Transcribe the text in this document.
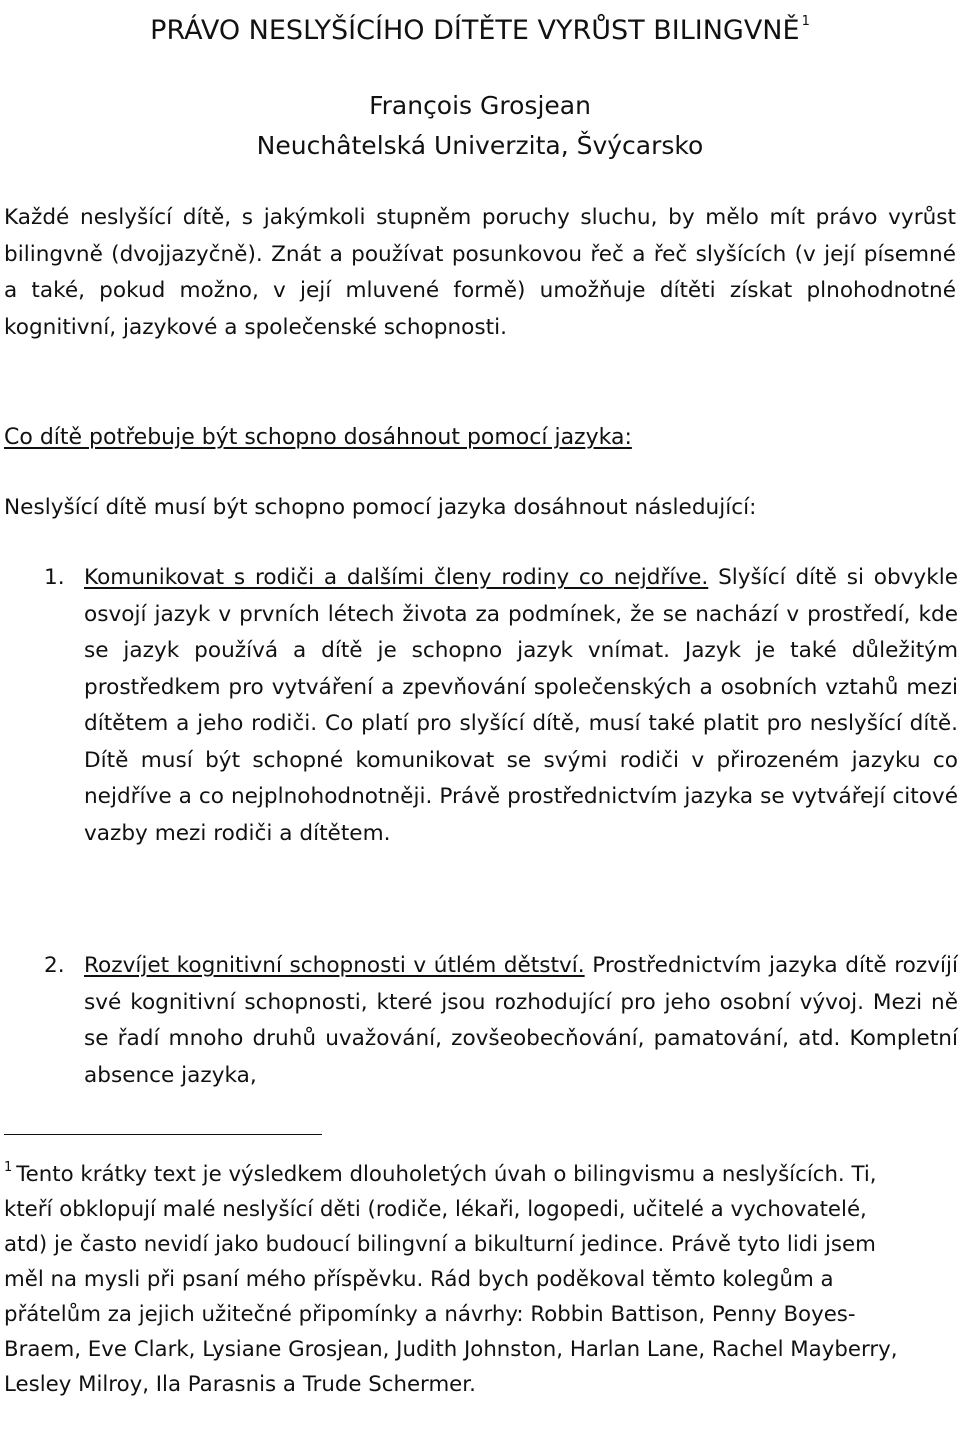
PRÁVO NESLYŠÍCÍHO DÍTĚTE VYRŮST BILINGVNĚ $^1$
François Grosjean
Neuchâtelská Univerzita, Švýcarsko

Každé neslyšící dítě, s jakýmkoli stupněm poruchy sluchu, by mělo mít právo vyrůst bilingvně (dvojjazyčně). Znát a používat posunkovou řeč a řeč slyšících (v její písemné a také, pokud možno, v její mluvené formě) umožňuje dítěti získat plnohodnotné kognitivní, jazykové a společenské schopnosti.

Co dítě potřebuje být schopno dosáhnout pomocí jazyka:

Neslyšící dítě musí být schopno pomocí jazyka dosáhnout následující:

1. Komunikovat s rodiči a dalšími členy rodiny co nejdříve. Slyšící dítě si obvykle osvojí jazyk v prvních létech života za podmínek, že se nachází v prostředí, kde se jazyk používá a dítě je schopno jazyk vnímat. Jazyk je také důležitým prostředkem pro vytváření a zpevňování společenských a osobních vztahů mezi dítětem a jeho rodiči. Co platí pro slyšící dítě, musí také platit pro neslyšící dítě. Dítě musí být schopné komunikovat se svými rodiči v přirozeném jazyku co nejdříve a co nejplnohodnotněji. Právě prostřednictvím jazyka se vytvářejí citové vazby mezi rodiči a dítětem.
2. Rozvíjet kognitivní schopnosti v útlém dětství. Prostřednictvím jazyka dítě rozvíjí své kognitivní schopnosti, které jsou rozhodující pro jeho osobní vývoj. Mezi ně se řadí mnoho druhů uvažování, zovšeobecňování, pamatování, atd. Kompletní absence jazyka,

$^1$ Tento krátky text je výsledkem dlouholetých úvah o bilingvismu a neslyšících. Ti, kteří obklopují malé neslyšící děti (rodiče, lékaři, logopedi, učitelé a vychovatelé, atd) je často nevidí jako budoucí bilingvní a bikulturní jedince. Právě tyto lidi jsem měl na mysli při psaní mého příspěvku. Rád bych poděkoval těmto kolegům a přátelům za jejich užitečné připomínky a návrhy: Robbin Battison, Penny Boyes-Braem, Eve Clark, Lysiane Grosjean, Judith Johnston, Harlan Lane, Rachel Mayberry, Lesley Milroy, Ila Parasnis a Trude Schermer.
